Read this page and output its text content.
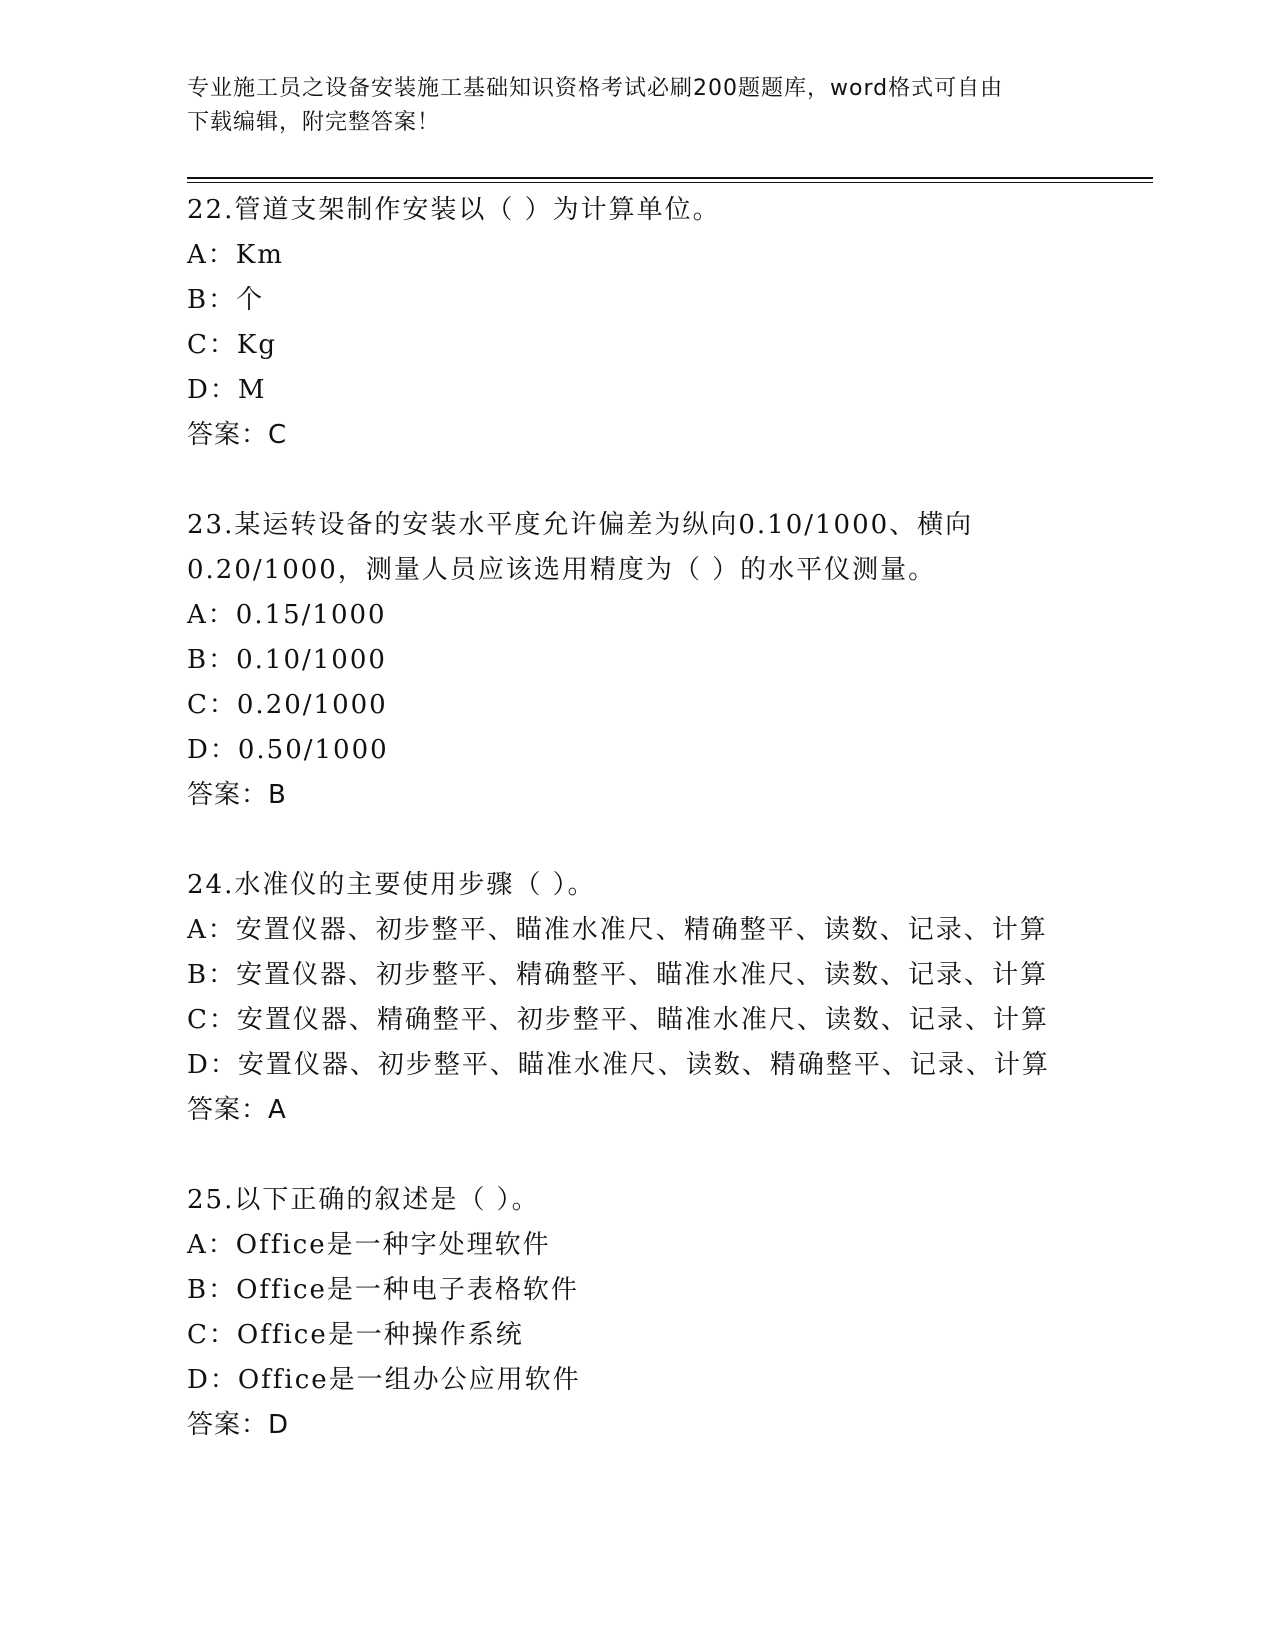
专业施工员之设备安装施工基础知识资格考试必刷200题题库，word格式可自由
下载编辑，附完整答案！
22.管道支架制作安装以（ ）为计算单位。
A：Km
B：个
C：Kg
D：M
答案：C
23.某运转设备的安装水平度允许偏差为纵向0.10/1000、横向0.20/1000，测量人员应该选用精度为（ ）的水平仪测量。
A：0.15/1000
B：0.10/1000
C：0.20/1000
D：0.50/1000
答案：B
24.水准仪的主要使用步骤（ ）。
A：安置仪器、初步整平、瞄准水准尺、精确整平、读数、记录、计算
B：安置仪器、初步整平、精确整平、瞄准水准尺、读数、记录、计算
C：安置仪器、精确整平、初步整平、瞄准水准尺、读数、记录、计算
D：安置仪器、初步整平、瞄准水准尺、读数、精确整平、记录、计算
答案：A
25.以下正确的叙述是（ ）。
A：Office是一种字处理软件
B：Office是一种电子表格软件
C：Office是一种操作系统
D：Office是一组办公应用软件
答案：D
